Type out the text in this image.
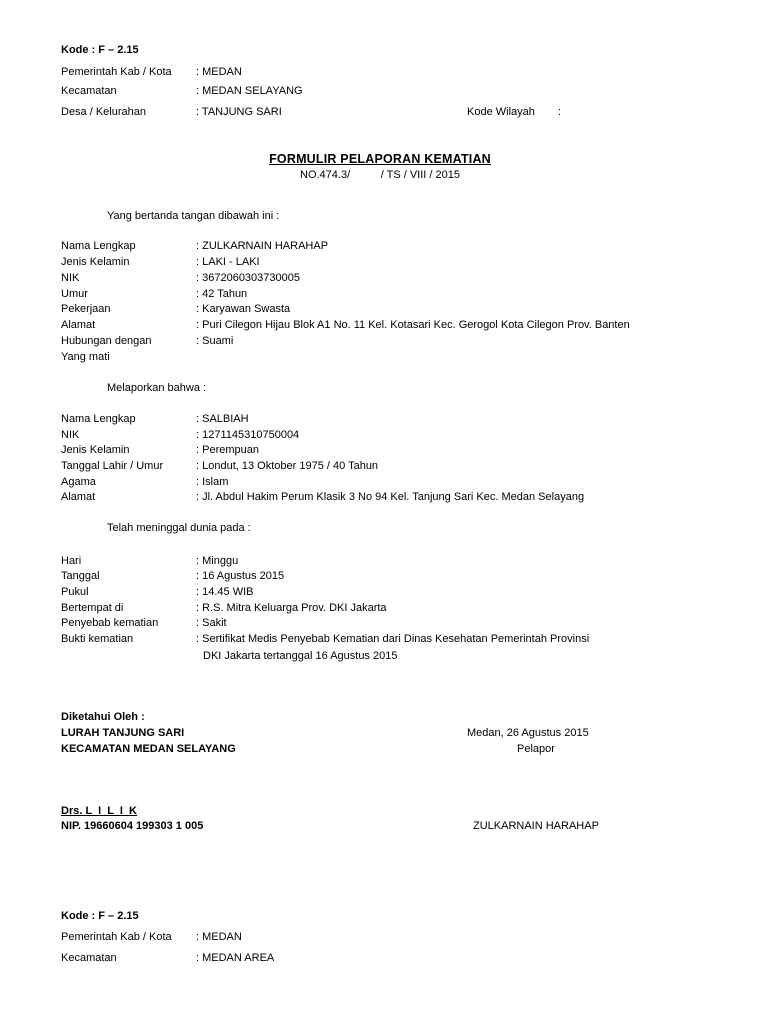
Kode : F – 2.15
Pemerintah Kab / Kota : MEDAN
Kecamatan	: MEDAN SELAYANG
Desa / Kelurahan	: TANJUNG SARI	Kode Wilayah :
FORMULIR PELAPORAN KEMATIAN
NO.474.3/          / TS / VIII / 2015
Yang bertanda tangan dibawah ini :
Nama Lengkap	: ZULKARNAIN HARAHAP
Jenis Kelamin	: LAKI - LAKI
NIK	: 3672060303730005
Umur	: 42 Tahun
Pekerjaan	: Karyawan Swasta
Alamat	: Puri Cilegon Hijau Blok A1 No. 11 Kel. Kotasari Kec. Gerogol Kota Cilegon Prov. Banten
Hubungan dengan	: Suami
Yang mati
Melaporkan bahwa :
Nama Lengkap	: SALBIAH
NIK	: 1271145310750004
Jenis Kelamin	: Perempuan
Tanggal Lahir / Umur	: Londut, 13 Oktober 1975 / 40 Tahun
Agama	: Islam
Alamat	: Jl. Abdul Hakim Perum Klasik 3 No 94 Kel. Tanjung Sari Kec. Medan Selayang
Telah meninggal dunia pada :
Hari	: Minggu
Tanggal	: 16 Agustus 2015
Pukul	: 14.45 WIB
Bertempat di	: R.S. Mitra Keluarga Prov. DKI Jakarta
Penyebab kematian	: Sakit
Bukti kematian	: Sertifikat Medis Penyebab Kematian dari Dinas Kesehatan Pemerintah Provinsi
DKI Jakarta tertanggal 16 Agustus 2015
Diketahui Oleh :
LURAH TANJUNG SARI
KECAMATAN MEDAN SELAYANG
Medan, 26 Agustus 2015
Pelapor
Drs. L  I  L  I  K
NIP. 19660604 199303 1 005	ZULKARNAIN HARAHAP
Kode : F – 2.15
Pemerintah Kab / Kota : MEDAN
Kecamatan	: MEDAN AREA
